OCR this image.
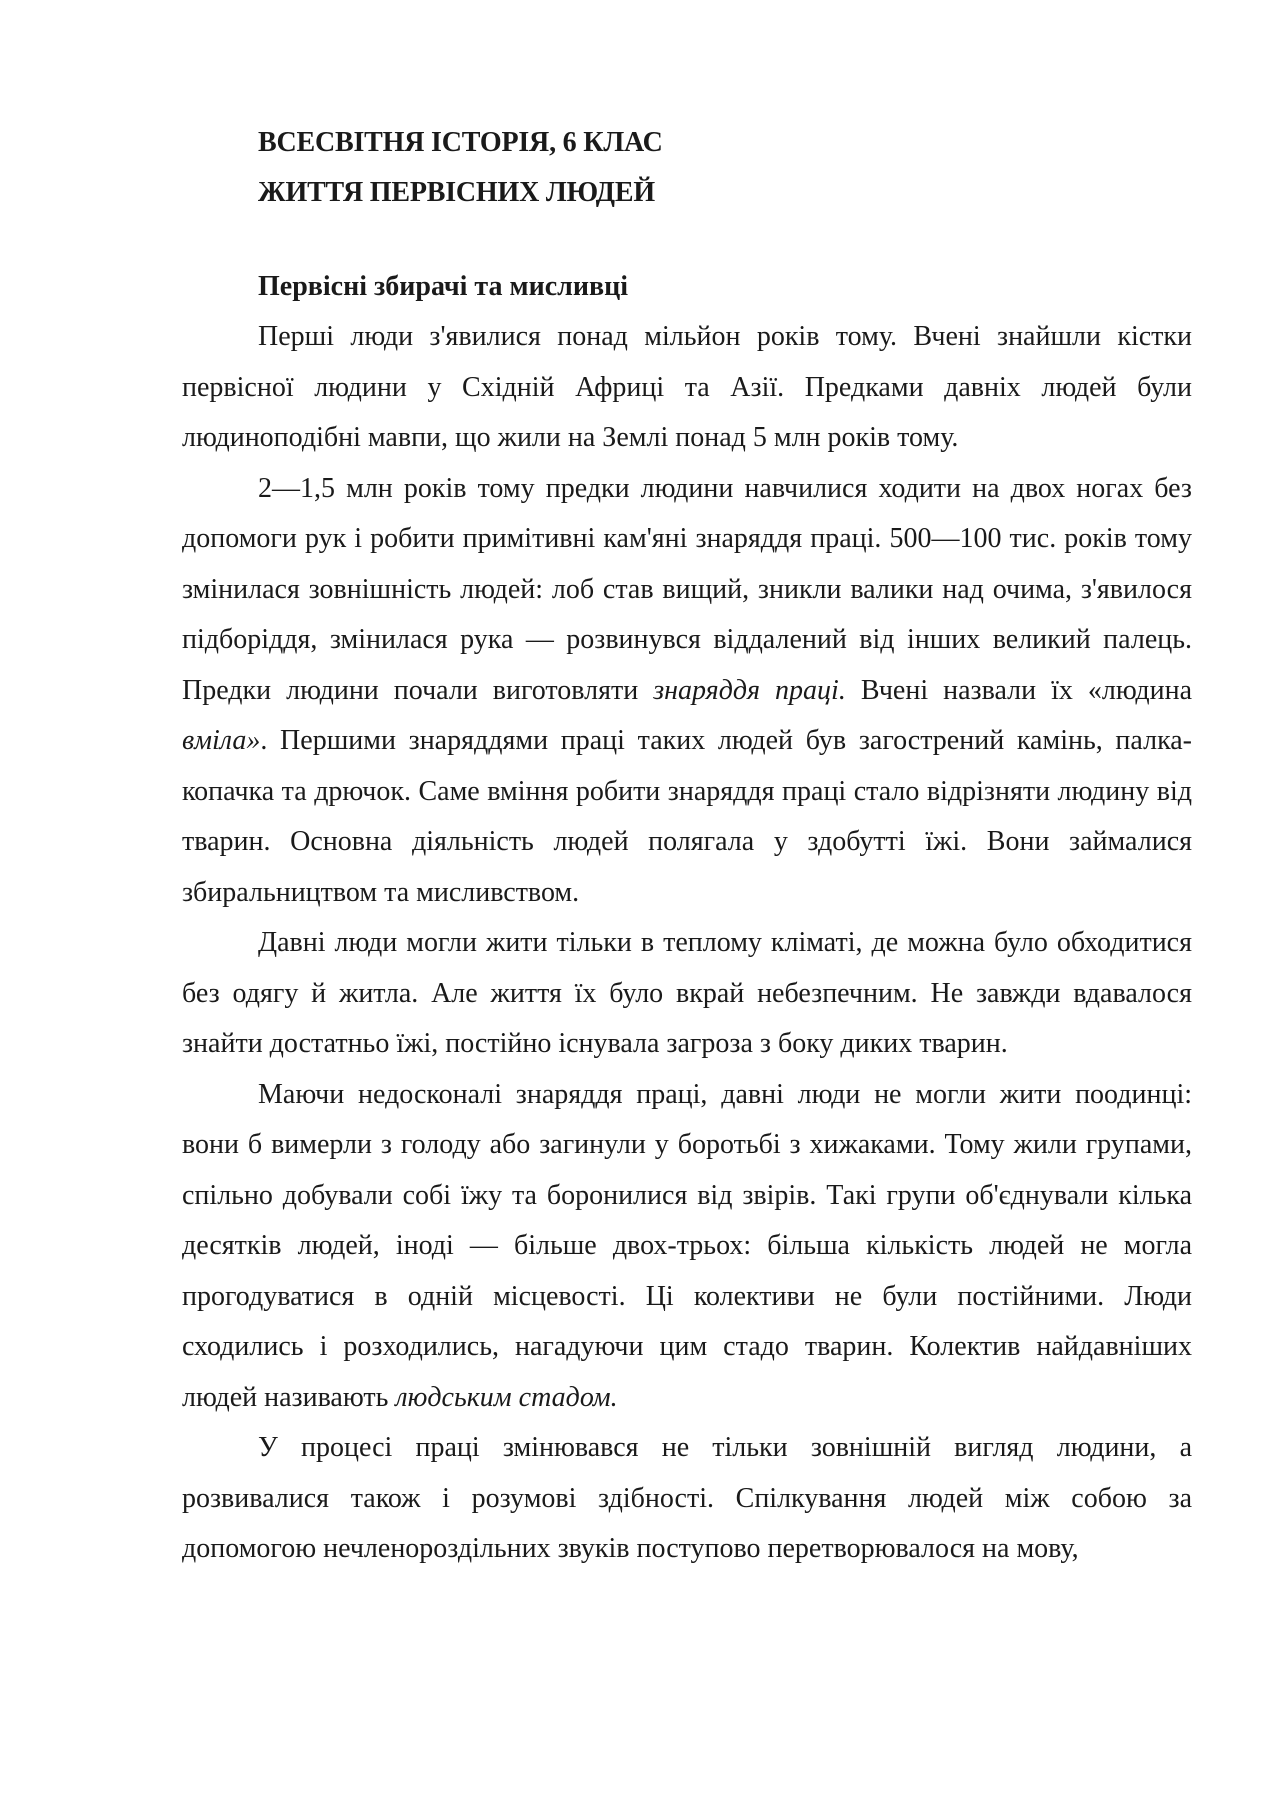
ВСЕСВІТНЯ ІСТОРІЯ, 6 КЛАС

ЖИТТЯ ПЕРВІСНИХ ЛЮДЕЙ

Первісні збирачі та мисливці

Перші люди з'явилися понад мільйон років тому. Вчені знайшли кістки первісної людини у Східній Африці та Азії. Предками давніх людей були людиноподібні мавпи, що жили на Землі понад 5 млн років тому.

2—1,5 млн років тому предки людини навчилися ходити на двох ногах без допомоги рук і робити примітивні кам'яні знаряддя праці. 500—100 тис. років тому змінилася зовнішність людей: лоб став вищий, зникли валики над очима, з'явилося підборіддя, змінилася рука — розвинувся віддалений від інших великий палець. Предки людини почали виготовляти знаряддя праці. Вчені назвали їх «людина вміла». Першими знаряддями праці таких людей був загострений камінь, палка-копачка та дрючок. Саме вміння робити знаряддя праці стало відрізняти людину від тварин. Основна діяльність людей полягала у здобутті їжі. Вони займалися збиральництвом та мисливством.

Давні люди могли жити тільки в теплому кліматі, де можна було обходитися без одягу й житла. Але життя їх було вкрай небезпечним. Не завжди вдавалося знайти достатньо їжі, постійно існувала загроза з боку диких тварин.

Маючи недосконалі знаряддя праці, давні люди не могли жити поодинці: вони б вимерли з голоду або загинули у боротьбі з хижаками. Тому жили групами, спільно добували собі їжу та боронилися від звірів. Такі групи об'єднували кілька десятків людей, іноді — більше двох-трьох: більша кількість людей не могла прогодуватися в одній місцевості. Ці колективи не були постійними. Люди сходились і розходились, нагадуючи цим стадо тварин. Колектив найдавніших людей називають людським стадом.

У процесі праці змінювався не тільки зовнішній вигляд людини, а розвивалися також і розумові здібності. Спілкування людей між собою за допомогою нечленороздільних звуків поступово перетворювалося на мову,
